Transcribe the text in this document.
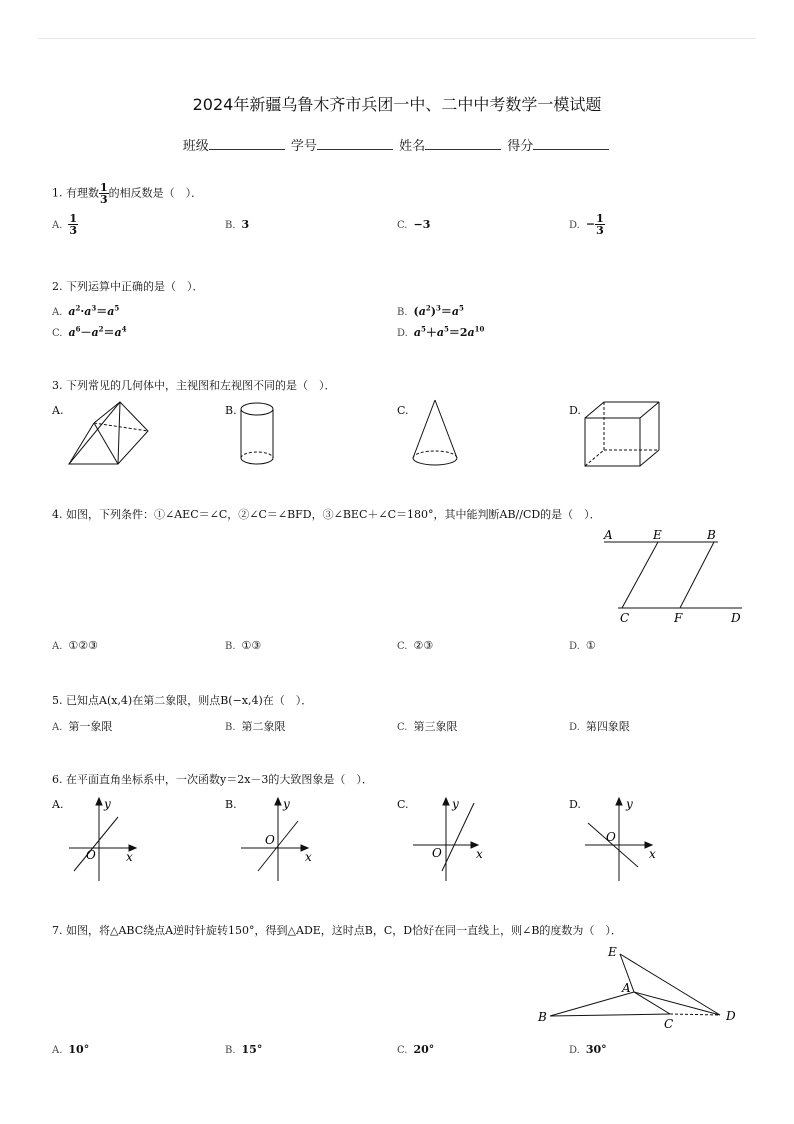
2024年新疆乌鲁木齐市兵团一中、二中中考数学一模试题
班级	学号	姓名	得分
1. 有理数 $\frac{1}{3}$ 的相反数是（　）．
A. $\frac{1}{3}$	B. 3	C. −3	D. − $\frac{1}{3}$
2. 下列运算中正确的是（　）．
A. $a^2\cdot a^3=a^5$	B. $(a^2)^3=a^5$
C. $a^6-a^2=a^4$	D. $a^5+a^5=2a^{10}$
3. 下列常见的几何体中，主视图和左视图不同的是（　）．
A.	B.	C.	D.
4. 如图，下列条件：①∠AEC＝∠C，②∠C＝∠BFD，③∠BEC＋∠C＝180°，其中能判断AB//CD的是（　）．
A	E	B
C	F	D
A. ①②③	B. ①③	C. ②③	D. ①
5. 已知点A(x,4)在第二象限，则点B(−x,4)在（　）．
A. 第一象限	B. 第二象限	C. 第三象限	D. 第四象限
6. 在平面直角坐标系中，一次函数y＝2x－3的大致图象是（　）．
A.	B.	C.	D.
y
x
O
y
x
O
y
x
O
y
x
O
7. 如图，将△ABC绕点A逆时针旋转150°，得到△ADE，这时点B，C，D恰好在同一直线上，则∠B的度数为（　）．
E
A
B	C
D
A. 10°	B. 15°	C. 20°	D. 30°
